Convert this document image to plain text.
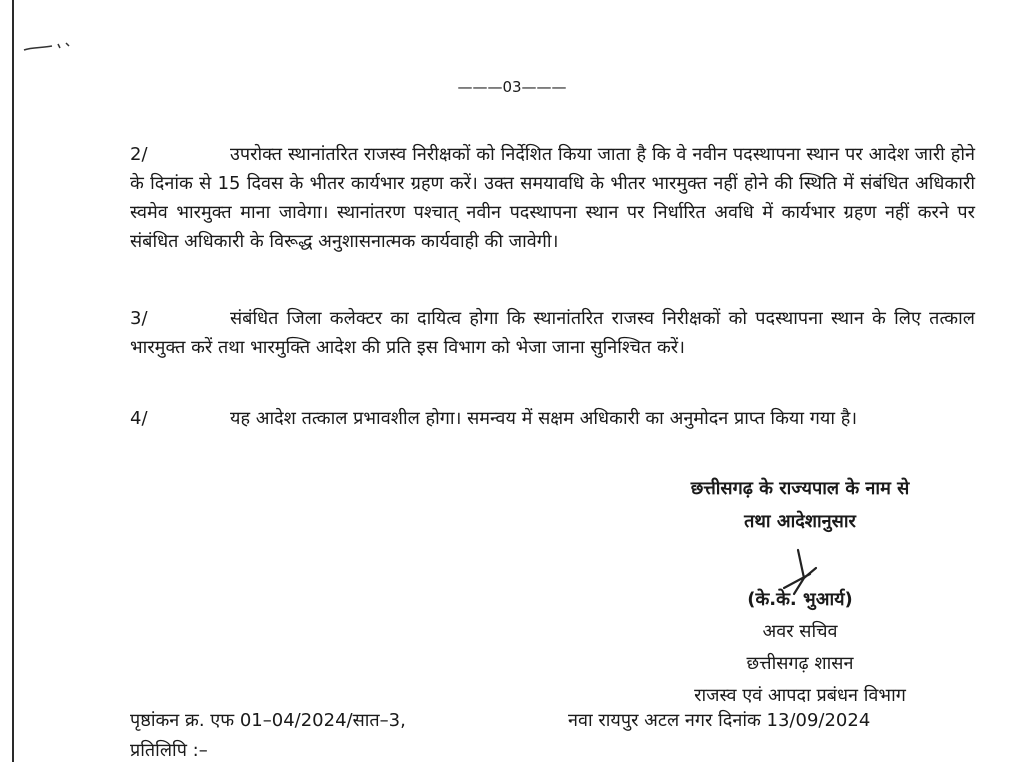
———03———
2/	उपरोक्त स्थानांतरित राजस्व निरीक्षकों को निर्देशित किया जाता है कि वे नवीन पदस्थापना स्थान पर आदेश जारी होने के दिनांक से 15 दिवस के भीतर कार्यभार ग्रहण करें। उक्त समयावधि के भीतर भारमुक्त नहीं होने की स्थिति में संबंधित अधिकारी स्वमेव भारमुक्त माना जावेगा। स्थानांतरण पश्चात् नवीन पदस्थापना स्थान पर निर्धारित अवधि में कार्यभार ग्रहण नहीं करने पर संबंधित अधिकारी के विरूद्ध अनुशासनात्मक कार्यवाही की जावेगी।
3/	संबंधित जिला कलेक्टर का दायित्व होगा कि स्थानांतरित राजस्व निरीक्षकों को पदस्थापना स्थान के लिए तत्काल भारमुक्त करें तथा भारमुक्ति आदेश की प्रति इस विभाग को भेजा जाना सुनिश्चित करें।
4/	यह आदेश तत्काल प्रभावशील होगा। समन्वय में सक्षम अधिकारी का अनुमोदन प्राप्त किया गया है।
छत्तीसगढ़ के राज्यपाल के नाम से
तथा आदेशानुसार
(के.के. भुआर्य)
अवर सचिव
छत्तीसगढ़ शासन
राजस्व एवं आपदा प्रबंधन विभाग
पृष्ठांकन क्र. एफ 01–04/2024/सात–3,
प्रतिलिपि :–
नवा रायपुर अटल नगर दिनांक 13/09/2024
